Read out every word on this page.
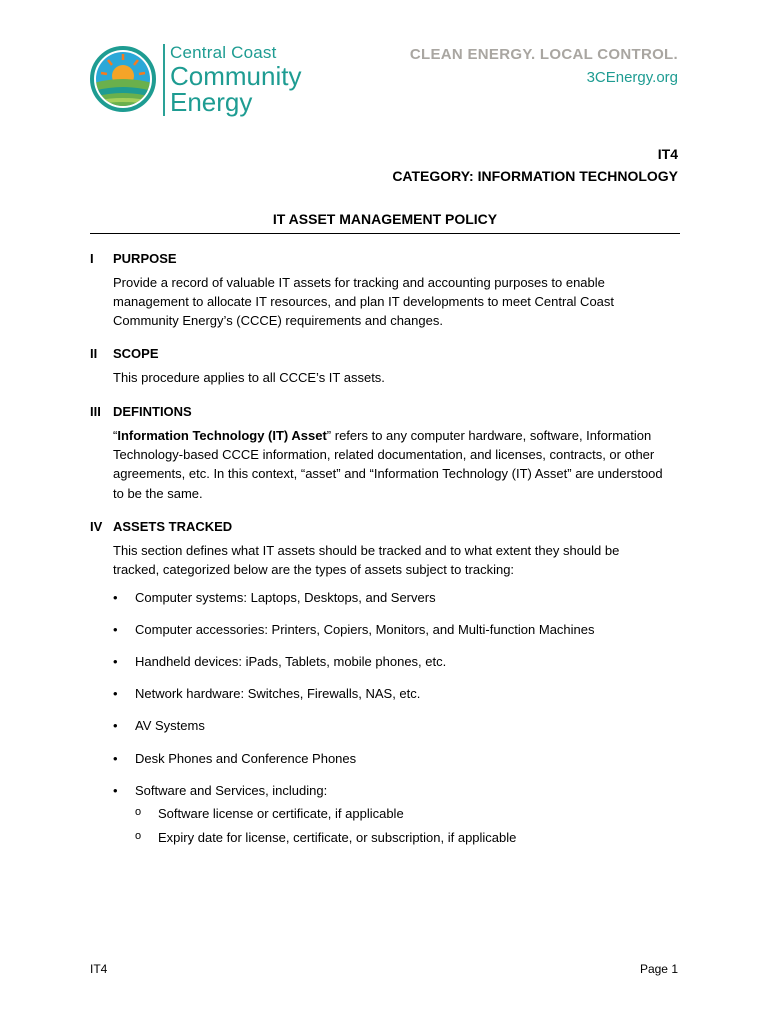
Central Coast
Community
Energy
CLEAN ENERGY. LOCAL CONTROL.
3CEnergy.org
IT4
CATEGORY: INFORMATION TECHNOLOGY
IT ASSET MANAGEMENT POLICY
I PURPOSE
Provide a record of valuable IT assets for tracking and accounting purposes to enable management to allocate IT resources, and plan IT developments to meet Central Coast Community Energy’s (CCCE) requirements and changes.
II SCOPE
This procedure applies to all CCCE’s IT assets.
III DEFINTIONS
“Information Technology (IT) Asset” refers to any computer hardware, software, Information Technology-based CCCE information, related documentation, and licenses, contracts, or other agreements, etc. In this context, “asset” and “Information Technology (IT) Asset” are understood to be the same.
IV ASSETS TRACKED
This section defines what IT assets should be tracked and to what extent they should be tracked, categorized below are the types of assets subject to tracking:
•	Computer systems: Laptops, Desktops, and Servers
•	Computer accessories: Printers, Copiers, Monitors, and Multi-function Machines
•	Handheld devices: iPads, Tablets, mobile phones, etc.
•	Network hardware: Switches, Firewalls, NAS, etc.
•	AV Systems
•	Desk Phones and Conference Phones
•	Software and Services, including:
o Software license or certificate, if applicable
o Expiry date for license, certificate, or subscription, if applicable
IT4	Page 1
